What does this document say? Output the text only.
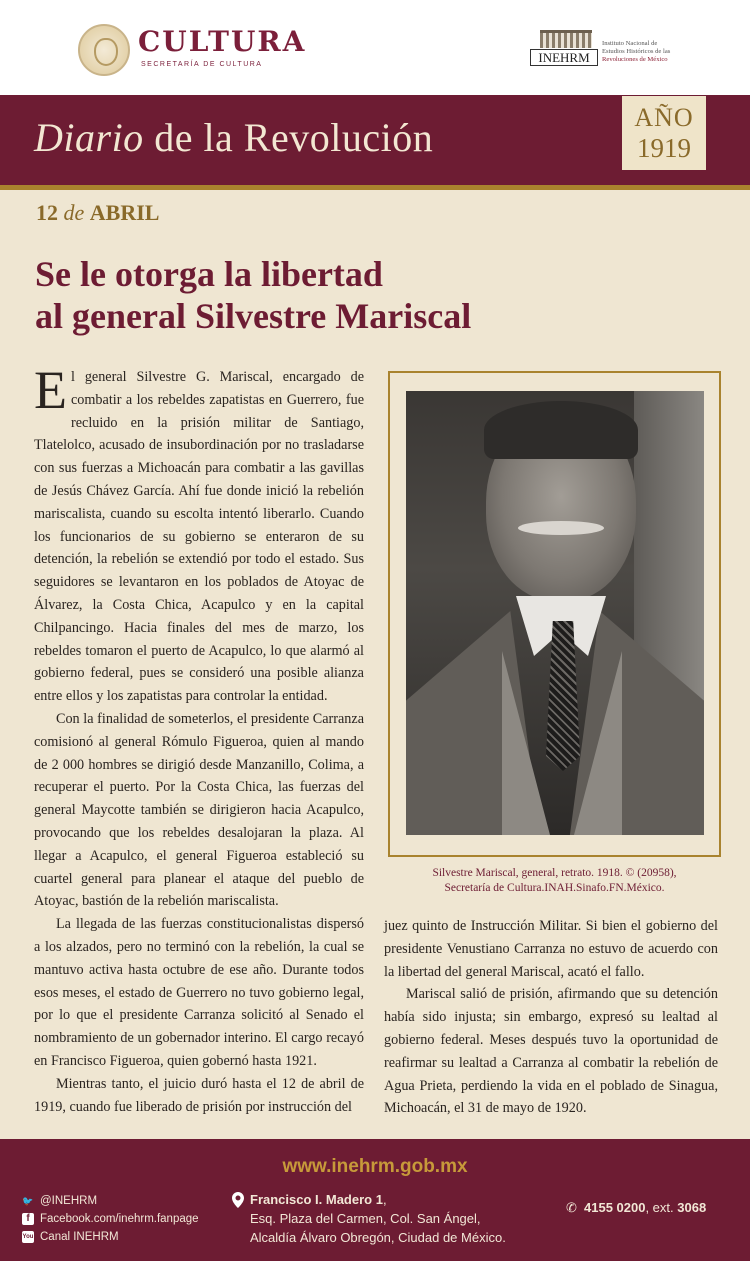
CULTURA
SECRETARÍA DE CULTURA	INEHRM
Instituto Nacional de
Estudios Históricos de las
Revoluciones de México
Diario de la Revolución	AÑO
1919
12 de ABRIL
Se le otorga la libertad
al general Silvestre Mariscal

El general Silvestre G. Mariscal, encargado de combatir a los rebeldes zapatistas en Guerrero, fue recluido en la prisión militar de Santiago, Tlatelolco, acusado de insubordinación por no trasladarse con sus fuerzas a Michoacán para combatir a las gavillas de Jesús Chávez García. Ahí fue donde inició la rebelión mariscalista, cuando su escolta intentó liberarlo. Cuando los funcionarios de su gobierno se enteraron de su detención, la rebelión se extendió por todo el estado. Sus seguidores se levantaron en los poblados de Atoyac de Álvarez, la Costa Chica, Acapulco y en la capital Chilpancingo. Hacia finales del mes de marzo, los rebeldes tomaron el puerto de Acapulco, lo que alarmó al gobierno federal, pues se consideró una posible alianza entre ellos y los zapatistas para controlar la entidad.

Con la finalidad de someterlos, el presidente Carranza comisionó al general Rómulo Figueroa, quien al mando de 2 000 hombres se dirigió desde Manzanillo, Colima, a recuperar el puerto. Por la Costa Chica, las fuerzas del general Maycotte también se dirigieron hacia Acapulco, provocando que los rebeldes desalojaran la plaza. Al llegar a Acapulco, el general Figueroa estableció su cuartel general para planear el ataque del pueblo de Atoyac, bastión de la rebelión mariscalista.

La llegada de las fuerzas constitucionalistas dispersó a los alzados, pero no terminó con la rebelión, la cual se mantuvo activa hasta octubre de ese año. Durante todos esos meses, el estado de Guerrero no tuvo gobierno legal, por lo que el presidente Carranza solicitó al Senado el nombramiento de un gobernador interino. El cargo recayó en Francisco Figueroa, quien gobernó hasta 1921.

Mientras tanto, el juicio duró hasta el 12 de abril de 1919, cuando fue liberado de prisión por instrucción del

Silvestre Mariscal, general, retrato. 1918. © (20958),
Secretaría de Cultura.INAH.Sinafo.FN.México.

juez quinto de Instrucción Militar. Si bien el gobierno del presidente Venustiano Carranza no estuvo de acuerdo con la libertad del general Mariscal, acató el fallo.

Mariscal salió de prisión, afirmando que su detención había sido injusta; sin embargo, expresó su lealtad al gobierno federal. Meses después tuvo la oportunidad de reafirmar su lealtad a Carranza al combatir la rebelión de Agua Prieta, perdiendo la vida en el poblado de Sinagua, Michoacán, el 31 de mayo de 1920.

www.inehrm.gob.mx
🐦 @INEHRM
f Facebook.com/inehrm.fanpage
You Tube
Canal INEHRM
Francisco I. Madero 1,
Esq. Plaza del Carmen, Col. San Ángel,
Alcaldía Álvaro Obregón, Ciudad de México.
✆ 4155 0200, ext. 3068
